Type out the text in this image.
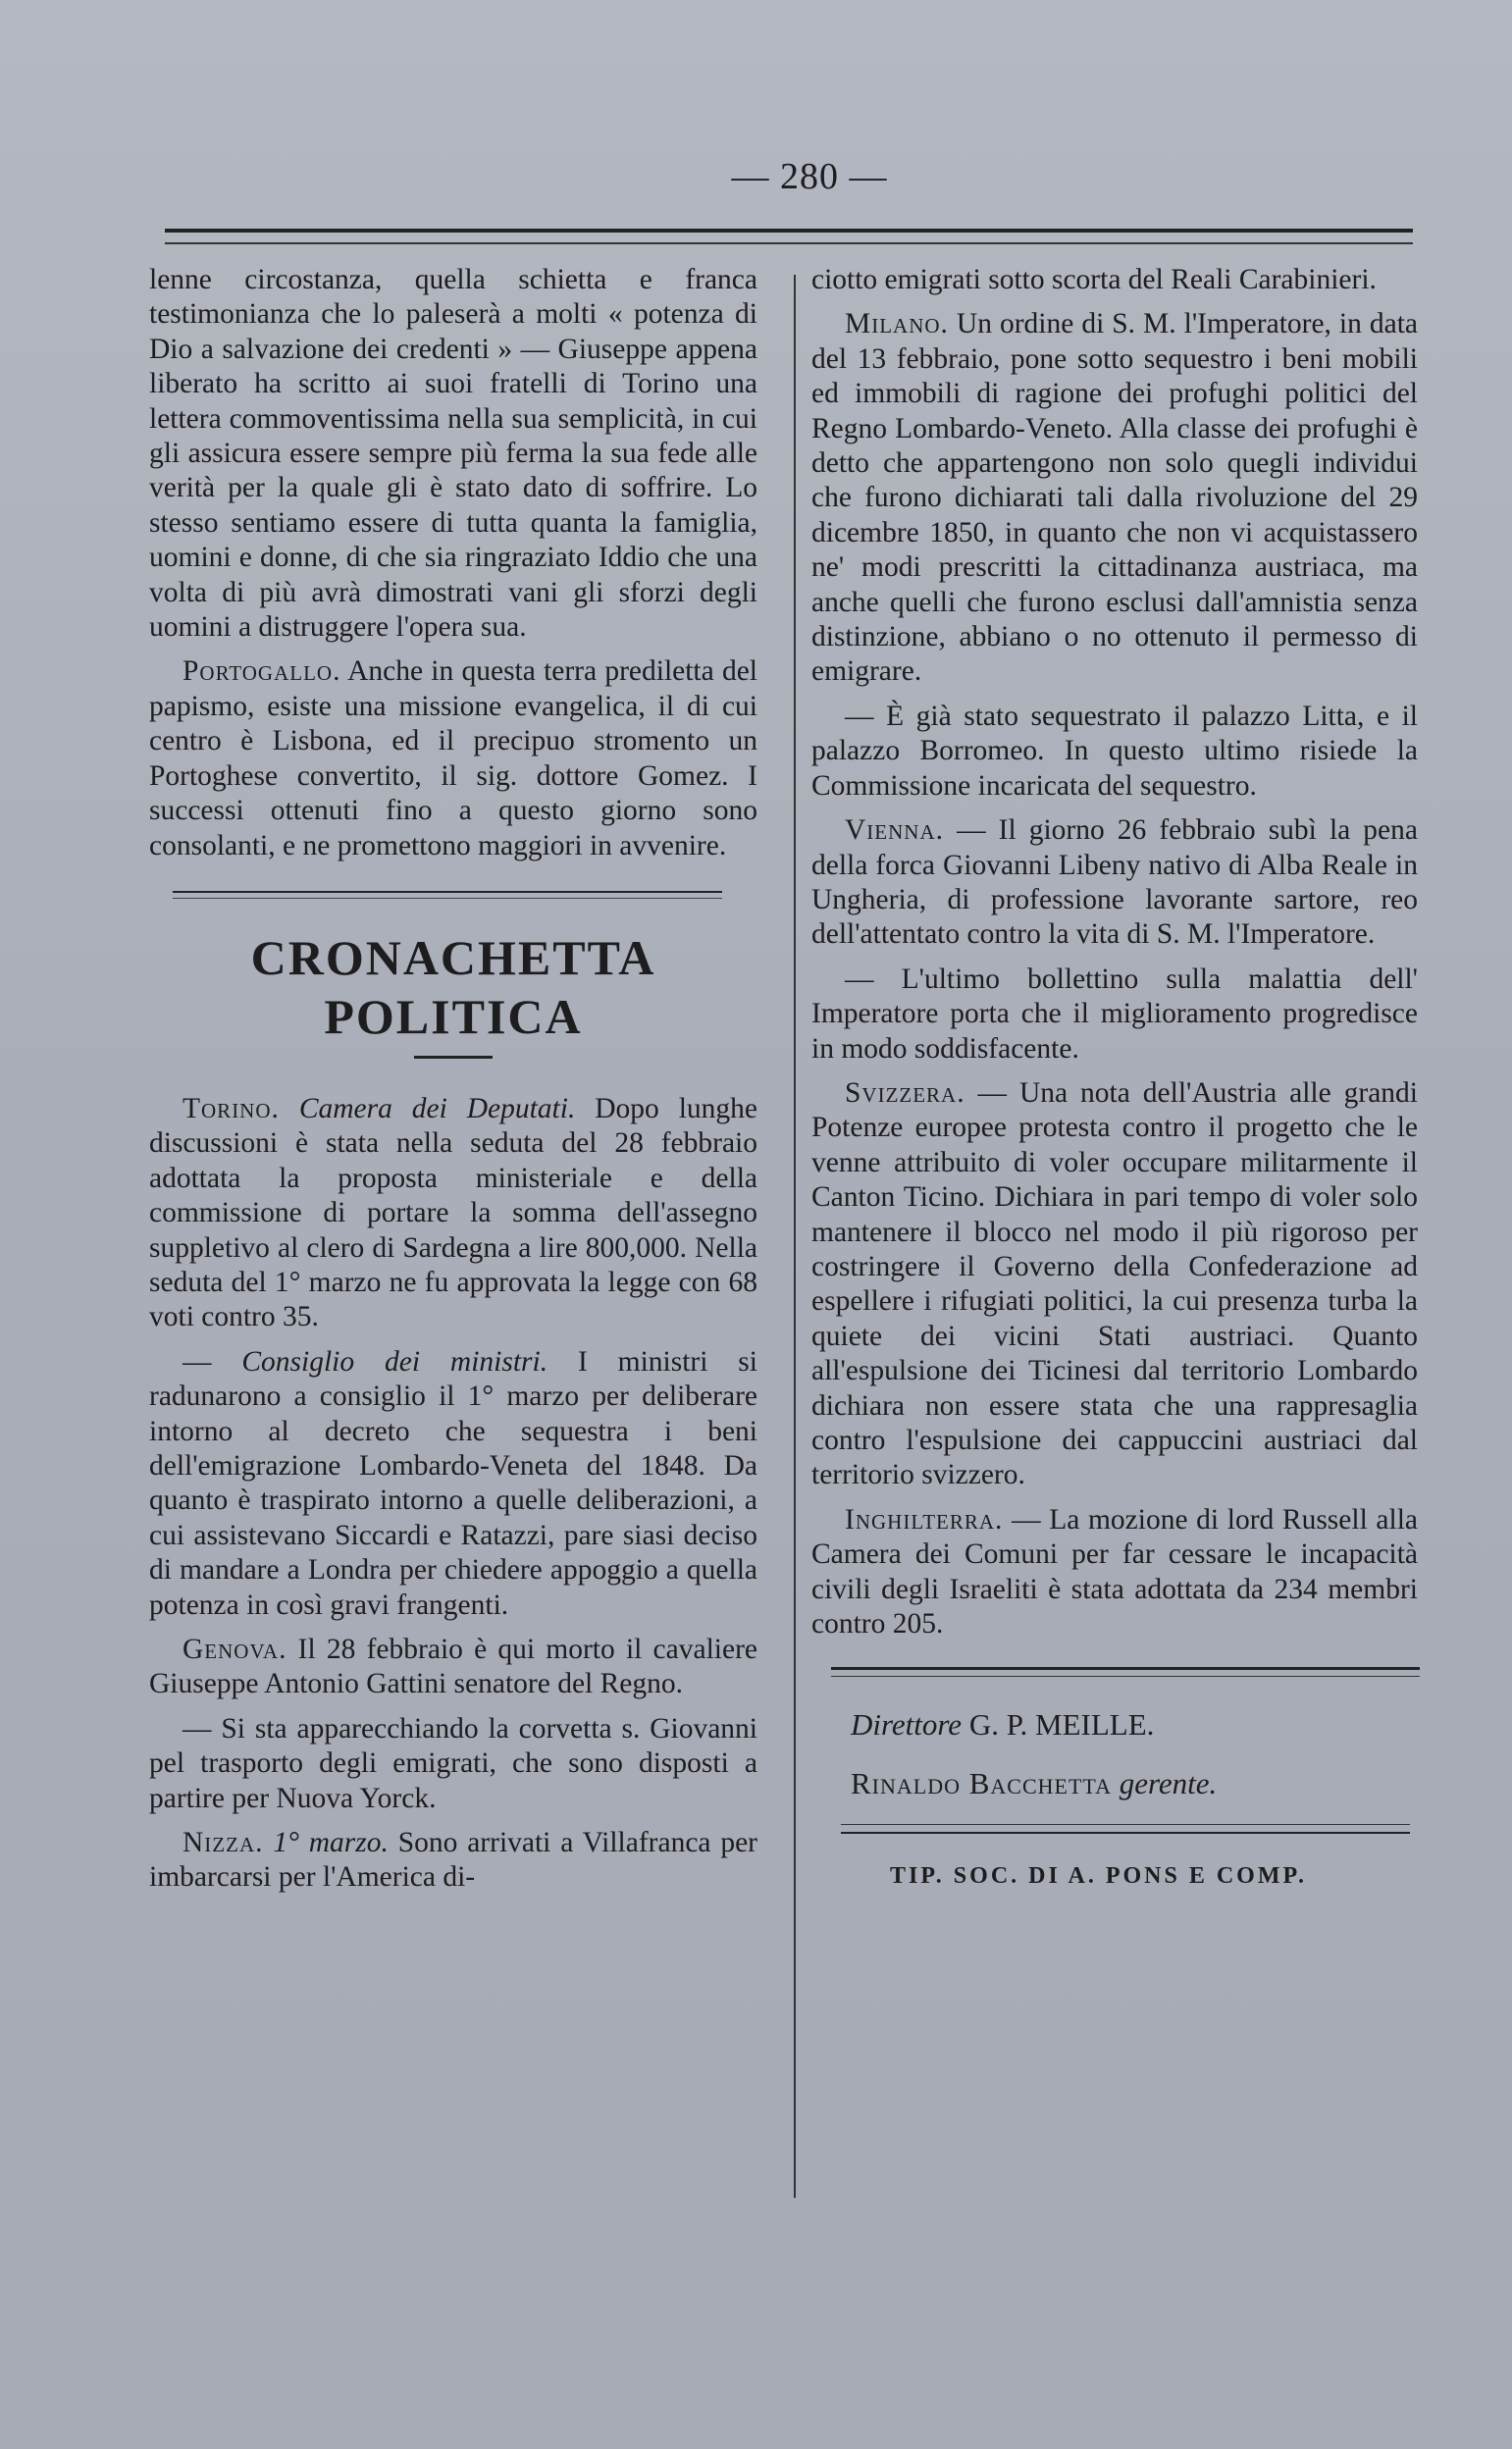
— 280 —

lenne circostanza, quella schietta e franca testimonianza che lo paleserà a molti « potenza di Dio a salvazione dei credenti » — Giuseppe appena liberato ha scritto ai suoi fratelli di Torino una lettera commoventissima nella sua semplicità, in cui gli assicura essere sempre più ferma la sua fede alle verità per la quale gli è stato dato di soffrire. Lo stesso sentiamo essere di tutta quanta la famiglia, uomini e donne, di che sia ringraziato Iddio che una volta di più avrà dimostrati vani gli sforzi degli uomini a distruggere l'opera sua.

Portogallo. Anche in questa terra prediletta del papismo, esiste una missione evangelica, il di cui centro è Lisbona, ed il precipuo stromento un Portoghese convertito, il sig. dottore Gomez. I successi ottenuti fino a questo giorno sono consolanti, e ne promettono maggiori in avvenire.

CRONACHETTA POLITICA

Torino. Camera dei Deputati. Dopo lunghe discussioni è stata nella seduta del 28 febbraio adottata la proposta ministeriale e della commissione di portare la somma dell'assegno suppletivo al clero di Sardegna a lire 800,000. Nella seduta del 1° marzo ne fu approvata la legge con 68 voti contro 35.

— Consiglio dei ministri. I ministri si radunarono a consiglio il 1° marzo per deliberare intorno al decreto che sequestra i beni dell'emigrazione Lombardo-Veneta del 1848. Da quanto è traspirato intorno a quelle deliberazioni, a cui assistevano Siccardi e Ratazzi, pare siasi deciso di mandare a Londra per chiedere appoggio a quella potenza in così gravi frangenti.

Genova. Il 28 febbraio è qui morto il cavaliere Giuseppe Antonio Gattini senatore del Regno.

— Si sta apparecchiando la corvetta s. Giovanni pel trasporto degli emigrati, che sono disposti a partire per Nuova Yorck.

Nizza. 1° marzo. Sono arrivati a Villafranca per imbarcarsi per l'America di-

ciotto emigrati sotto scorta del Reali Carabinieri.

Milano. Un ordine di S. M. l'Imperatore, in data del 13 febbraio, pone sotto sequestro i beni mobili ed immobili di ragione dei profughi politici del Regno Lombardo-Veneto. Alla classe dei profughi è detto che appartengono non solo quegli individui che furono dichiarati tali dalla rivoluzione del 29 dicembre 1850, in quanto che non vi acquistassero ne' modi prescritti la cittadinanza austriaca, ma anche quelli che furono esclusi dall'amnistia senza distinzione, abbiano o no ottenuto il permesso di emigrare.

— È già stato sequestrato il palazzo Litta, e il palazzo Borromeo. In questo ultimo risiede la Commissione incaricata del sequestro.

Vienna. — Il giorno 26 febbraio subì la pena della forca Giovanni Libeny nativo di Alba Reale in Ungheria, di professione lavorante sartore, reo dell'attentato contro la vita di S. M. l'Imperatore.

— L'ultimo bollettino sulla malattia dell' Imperatore porta che il miglioramento progredisce in modo soddisfacente.

Svizzera. — Una nota dell'Austria alle grandi Potenze europee protesta contro il progetto che le venne attribuito di voler occupare militarmente il Canton Ticino. Dichiara in pari tempo di voler solo mantenere il blocco nel modo il più rigoroso per costringere il Governo della Confederazione ad espellere i rifugiati politici, la cui presenza turba la quiete dei vicini Stati austriaci. Quanto all'espulsione dei Ticinesi dal territorio Lombardo dichiara non essere stata che una rappresaglia contro l'espulsione dei cappuccini austriaci dal territorio svizzero.

Inghilterra. — La mozione di lord Russell alla Camera dei Comuni per far cessare le incapacità civili degli Israeliti è stata adottata da 234 membri contro 205.

Direttore G. P. MEILLE.
Rinaldo Bacchetta gerente.
TIP. SOC. DI A. PONS E COMP.
